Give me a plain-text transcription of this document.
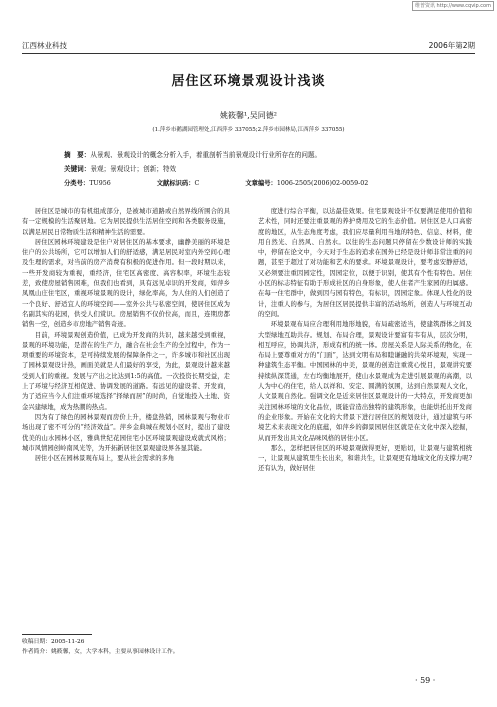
维普资讯 http://www.cqvip.com
江西林业科技	2006年第2期
居住区环境景观设计浅谈
姚筱馨¹,吴同德²
(1.萍乡市鹅湖园管理处,江西萍乡 337055;2.萍乡市园林局,江西萍乡 337055)
摘　要：从景观、景观设计的概念分析入手，着重剖析当前景观设计行业所存在的问题。
关键词：景观；景观设计；创新；特效
分类号：TU956	文献标识码：C	文章编号：1006-2505(2006)02-0059-02

居住区是城市的有机组成部分，是被城市道路或自然界线所围合的具有一定规模的生活聚居地。它为居民提供生活居住空间和各类服务设施，以满足居民日常物质生活和精神生活的需要。

居住区园林环境建设是住户对居住区的基本要求，幽静美丽的环境是住户的公共场所，它可以增加人们的舒适感，满足居民对室内外空间心理及生理的需求，对当前的房产消费有积极的促进作用。但一段时期以来，一些开发商较为重视，重经济，住宅区高密度、高容积率，环境生态较差，致使房屋销售困难，但我们也看到，具有远见卓识的开发商，如萍乡凤凰山庄住宅区，重视环境景观的设计，绿化率高，为人住的人们创造了一个良好、舒适宜人的环境空间——室外公共与私密空间，使居住区成为名副其实的花园，供受人们赏识。房屋销售不仅价位高，而且，连期房都销售一空，创造乡市房地产销售奇迹。

目前，环境景观创造价值，已成为开发商的共识，越来越受到重视，景观的环境功能，是潜在的生产力，融合在社会生产的全过程中，作为一项重要的环境资本，是可持续发展的保障条件之一，许多城市和社区出现了园林景观设计热，画面美就是人们最好的享受，为此，景观设计越来越受到人们的重视。发展与产出之比达到1:5的高值。一次投资长期受益，走上了环境与经济互相促进、协调发展的道路。有远见的建设者、开发商，为了适应当今人们注重环境选择“择绿而居”的时尚，自觉地投入土地、资金兴建绿地，成为热潮的热点。

因为有了绿色的园林景观而房价上升，楼盘热销，园林景观与物业市场出现了密不可分的“经济效益”。萍乡金典城在规划小区时，提出了建设优美的山水园林小区，雅典世纪花园住宅小区环境景观建设成就式风格；城市风情园创岭南风光等，为开拓新居住区景观建设界各显其能。

居住小区在园林景观布局上，要从社会需求的多角

度进行综合平衡，以达最佳效果。住宅景观设计不仅要满足使用价值和艺术性，同时还要注重景观的养护费用及它的生态价值。居住区是人口高密度的地区，从生态角度考虑，我们应尽量利用当地的特色、信息、材料，使用自然光、自然风、自然水。以往的生态问题只停留在少数设计师的实践中，停留在论文中，今天对于生态的追求在国外已经是设计师非常注重的问题，甚至于超过了对功能和艺术的要求。环境景观设计，要考虑安静舒适，又必须要注重因园定性，因园定位，以便于识别，使其有个性有特色。居住小区的标志特征有助于形成社区的自身形象，使人住者产生家园的归属感。在每一住宅群中，做到因与园有特色，有标识，因园定象。体现人性化的设计，注重人的参与，为居住区居民提供丰富的活动场所，创造人与环境互动的空间。

环境景观布局应合理利用地形地貌，布局疏密适当，使建筑群体之间及大型绿地互助共存。规划、布局合理，景观设计要富有韦有从，层次分明，相互呼应，协调共济，形成有机的统一体。房屋关系是人际关系的物化，在布局上要尊重对方的“门面”，达到文明布局和睦谦融的共荣环境观，实现一种建筑生态平衡。中国园林的中美，景观的创造注重赏心悦目，景观讲究要持续纵深贯通，左右均衡地展开，使山水景观成为走进引展景观的高潮，以人为中心的住宅，给人以祥和、安定、圆满的氛围，达到自然景观人文化，人文景观自然化。强调文化是近来居住区景观设计的一大特点，开发商更加关注园林环境的文化品位，既能营造出独特的建筑形象，也能烘托出开发商的企业形象。开始在文化的大背景下进行居住区的规划设计，通过建筑与环境艺术来表现文化的底蕴，如萍乡的御景园居住区就是在文化中深入挖掘，从而开发出具文化品味风格的居住小区。

那么，怎样把居住区的环境景观做得更好，更贴切，让景观与建筑相统一，让景观从建筑里生长出来，和谐共生，让景观更有地域文化的支撑力呢?还有认为，做好居住

收稿日期：2005-11-26
作者简介：姚筱馨，女，大学本科，主要从事园林设计工作。
· 59 ·
